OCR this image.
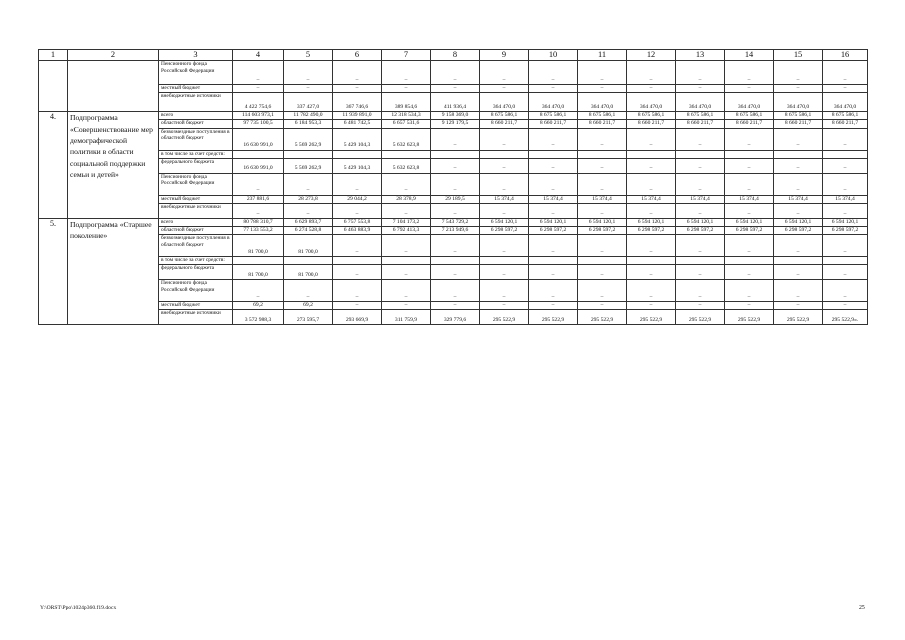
1	2	3	4	5	6	7	8	9	10	11	12	13	14	15	16
		Пенсионного фонда Российской Федерации	–	–	–	–	–	–	–	–	–	–	–	–	–
		местный бюджет	–	–	–	–	–	–	–	–	–	–	–	–	–
		внебюджетные источники	4 422 754,6	337 427,0	367 746,6	389 854,6	411 936,4	364 470,0	364 470,0	364 470,0	364 470,0	364 470,0	364 470,0	364 470,0	364 470,0
4.	Подпрограмма «Совершенствование мер демографической политики в области социальной поддержки семьи и детей»	всего	114 603 973,1	11 782 490,0	11 939 891,0	12 318 534,3	9 158 369,0	8 675 586,1	8 675 586,1	8 675 586,1	8 675 586,1	8 675 586,1	8 675 586,1	8 675 586,1	8 675 586,1
		областной бюджет	97 735 100,5	6 184 953,3	6 481 742,5	6 657 531,6	9 129 179,5	8 660 211,7	8 660 211,7	8 660 211,7	8 660 211,7	8 660 211,7	8 660 211,7	8 660 211,7	8 660 211,7
		безвозмездные поступления в областной бюджет	16 630 991,0	5 569 262,9	5 429 104,3	5 632 623,8	–	–	–	–	–	–	–	–	–
		в том числе за счет средств:													
		федерального бюджета	16 630 991,0	5 569 262,9	5 429 104,3	5 632 623,8	–	–	–	–	–	–	–	–	–
		Пенсионного фонда Российской Федерации	–	–	–	–	–	–	–	–	–	–	–	–	–
		местный бюджет	237 881,6	28 273,8	29 044,2	28 378,9	29 189,5	15 374,4	15 374,4	15 374,4	15 374,4	15 374,4	15 374,4	15 374,4	15 374,4
		внебюджетные источники	–	–	–	–	–	–	–	–	–	–	–	–	–
5.	Подпрограмма «Старшее поколение»	всего	80 788 310,7	6 629 893,7	6 757 553,8	7 104 173,2	7 543 729,2	6 594 120,1	6 594 120,1	6 594 120,1	6 594 120,1	6 594 120,1	6 594 120,1	6 594 120,1	6 594 120,1
		областной бюджет	77 133 553,2	6 274 528,8	6 463 883,9	6 792 413,3	7 213 949,6	6 298 597,2	6 298 597,2	6 298 597,2	6 298 597,2	6 298 597,2	6 298 597,2	6 298 597,2	6 298 597,2
		безвозмездные поступления в областной бюджет	81 700,0	81 700,0	–	–	–	–	–	–	–	–	–	–	–
		в том числе за счет средств:													
		федерального бюджета	81 700,0	81 700,0	–	–	–	–	–	–	–	–	–	–	–
		Пенсионного фонда Российской Федерации	–	–	–	–	–	–	–	–	–	–	–	–	–
		местный бюджет	69,2	69,2	–	–	–	–	–	–	–	–	–	–	–
		внебюджетные источники	3 572 988,3	273 595,7	293 669,9	311 759,9	329 779,6	295 522,9	295 522,9	295 522,9	295 522,9	295 522,9	295 522,9	295 522,9	295 522,9».
Y:\ORST\Ppo\1024p360.f19.docx	25
